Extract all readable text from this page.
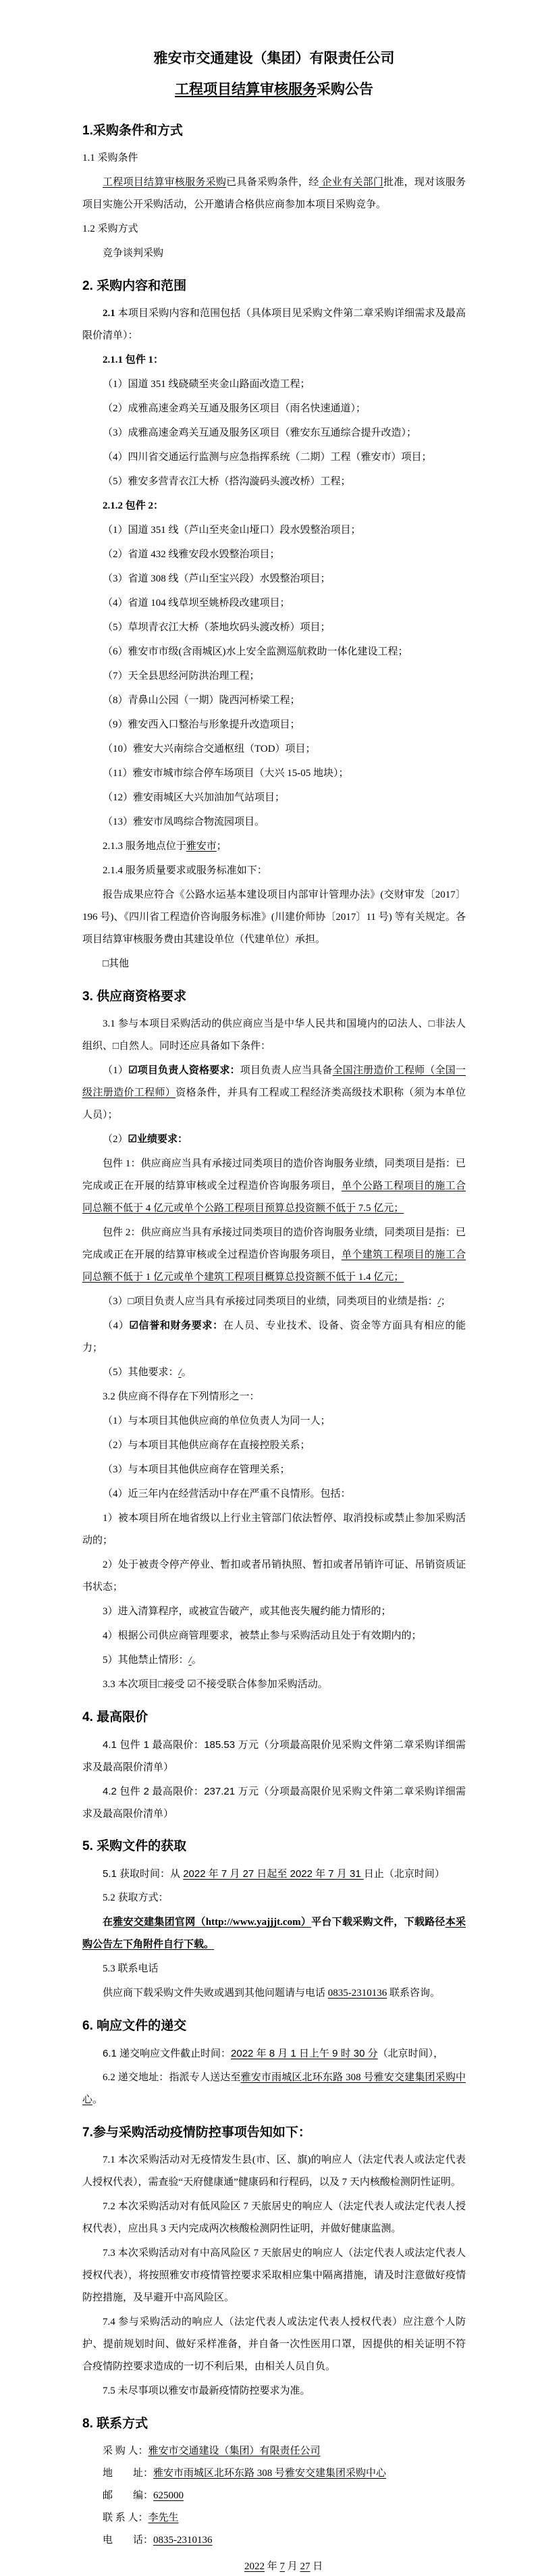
雅安市交通建设（集团）有限责任公司
工程项目结算审核服务采购公告
1.采购条件和方式
1.1 采购条件
工程项目结算审核服务采购已具备采购条件，经 企业有关部门批准，现对该服务项目实施公开采购活动，公开邀请合格供应商参加本项目采购竞争。
1.2 采购方式
竞争谈判采购
2. 采购内容和范围
2.1 本项目采购内容和范围包括（具体项目见采购文件第二章采购详细需求及最高限价清单）：
2.1.1 包件 1：
（1）国道 351 线硗碛至夹金山路面改造工程；
（2）成雅高速金鸡关互通及服务区项目（雨名快速通道）；
（3）成雅高速金鸡关互通及服务区项目（雅安东互通综合提升改造）；
（4）四川省交通运行监测与应急指挥系统（二期）工程（雅安市）项目；
（5）雅安多营青衣江大桥（搭沟漩码头渡改桥）工程；
2.1.2 包件 2：
（1）国道 351 线（芦山至夹金山垭口）段水毁整治项目；
（2）省道 432 线雅安段水毁整治项目；
（3）省道 308 线（芦山至宝兴段）水毁整治项目；
（4）省道 104 线草坝至姚桥段改建项目；
（5）草坝青衣江大桥（茶地坎码头渡改桥）项目；
（6）雅安市市级(含雨城区)水上安全监测巡航救助一体化建设工程；
（7）天全县思经河防洪治理工程；
（8）青鼻山公园（一期）陇西河桥梁工程；
（9）雅安西入口整治与形象提升改造项目；
（10）雅安大兴南综合交通枢纽（TOD）项目；
（11）雅安市城市综合停车场项目（大兴 15-05 地块）；
（12）雅安雨城区大兴加油加气站项目；
（13）雅安市凤鸣综合物流园项目。
2.1.3 服务地点位于雅安市；
2.1.4 服务质量要求或服务标准如下：
报告成果应符合《公路水运基本建设项目内部审计管理办法》(交财审发〔2017〕196 号)、《四川省工程造价咨询服务标准》(川建价师协〔2017〕11 号) 等有关规定。各项目结算审核服务费由其建设单位（代建单位）承担。
□其他
3. 供应商资格要求
3.1 参与本项目采购活动的供应商应当是中华人民共和国境内的☑法人、□非法人组织、□自然人。同时还应具备如下条件：
（1）☑项目负责人资格要求：项目负责人应当具备全国注册造价工程师（全国一级注册造价工程师）资格条件，并具有工程或工程经济类高级技术职称（须为本单位人员）；
（2）☑业绩要求：
包件 1：供应商应当具有承接过同类项目的造价咨询服务业绩，同类项目是指：已完成或正在开展的结算审核或全过程造价咨询服务项目，单个公路工程项目的施工合同总额不低于 4 亿元或单个公路工程项目预算总投资额不低于 7.5 亿元；
包件 2：供应商应当具有承接过同类项目的造价咨询服务业绩，同类项目是指：已完成或正在开展的结算审核或全过程造价咨询服务项目，单个建筑工程项目的施工合同总额不低于 1 亿元或单个建筑工程项目概算总投资额不低于 1.4 亿元；
（3）□项目负责人应当具有承接过同类项目的业绩，同类项目的业绩是指：/；
（4）☑信誉和财务要求：在人员、专业技术、设备、资金等方面具有相应的能力；
（5）其他要求：/。
3.2 供应商不得存在下列情形之一：
（1）与本项目其他供应商的单位负责人为同一人；
（2）与本项目其他供应商存在直接控股关系；
（3）与本项目其他供应商存在管理关系；
（4）近三年内在经营活动中存在严重不良情形。包括：
1）被本项目所在地省级以上行业主管部门依法暂停、取消投标或禁止参加采购活动的；
2）处于被责令停产停业、暂扣或者吊销执照、暂扣或者吊销许可证、吊销资质证书状态；
3）进入清算程序，或被宣告破产，或其他丧失履约能力情形的；
4）根据公司供应商管理要求，被禁止参与采购活动且处于有效期内的；
5）其他禁止情形：/。
3.3 本次项目□接受 ☑不接受联合体参加采购活动。
4. 最高限价
4.1 包件 1 最高限价：185.53 万元（分项最高限价见采购文件第二章采购详细需求及最高限价清单）
4.2 包件 2 最高限价：237.21 万元（分项最高限价见采购文件第二章采购详细需求及最高限价清单）
5. 采购文件的获取
5.1 获取时间：从 2022 年 7 月 27 日起至 2022 年 7 月 31 日止（北京时间）
5.2 获取方式：
在雅安交建集团官网（http://www.yajjjt.com）平台下载采购文件，下载路径本采购公告左下角附件自行下载。
5.3 联系电话
供应商下载采购文件失败或遇到其他问题请与电话 0835-2310136 联系咨询。
6. 响应文件的递交
6.1 递交响应文件截止时间：2022 年 8 月 1 日上午 9 时 30 分（北京时间），
6.2 递交地址：指派专人送达至雅安市雨城区北环东路 308 号雅安交建集团采购中心。
7.参与采购活动疫情防控事项告知如下：
7.1 本次采购活动对无疫情发生县(市、区、旗)的响应人（法定代表人或法定代表人授权代表），需查验“天府健康通”健康码和行程码，以及 7 天内核酸检测阴性证明。
7.2 本次采购活动对有低风险区 7 天旅居史的响应人（法定代表人或法定代表人授权代表），应出具 3 天内完成两次核酸检测阴性证明，并做好健康监测。
7.3 本次采购活动对有中高风险区 7 天旅居史的响应人（法定代表人或法定代表人授权代表），将按照雅安市疫情管控要求采取相应集中隔离措施，请及时注意做好疫情防控措施，及早避开中高风险区。
7.4 参与采购活动的响应人（法定代表人或法定代表人授权代表）应注意个人防护、提前规划时间、做好采样准备，并自备一次性医用口罩，因提供的相关证明不符合疫情防控要求造成的一切不利后果，由相关人员自负。
7.5 未尽事项以雅安市最新疫情防控要求为准。
8. 联系方式
采 购 人：雅安市交通建设（集团）有限责任公司
地　　址：雅安市雨城区北环东路 308 号雅安交建集团采购中心
邮　　编：625000
联 系 人：李先生
电　　话：0835-2310136
2022 年 7 月 27 日
